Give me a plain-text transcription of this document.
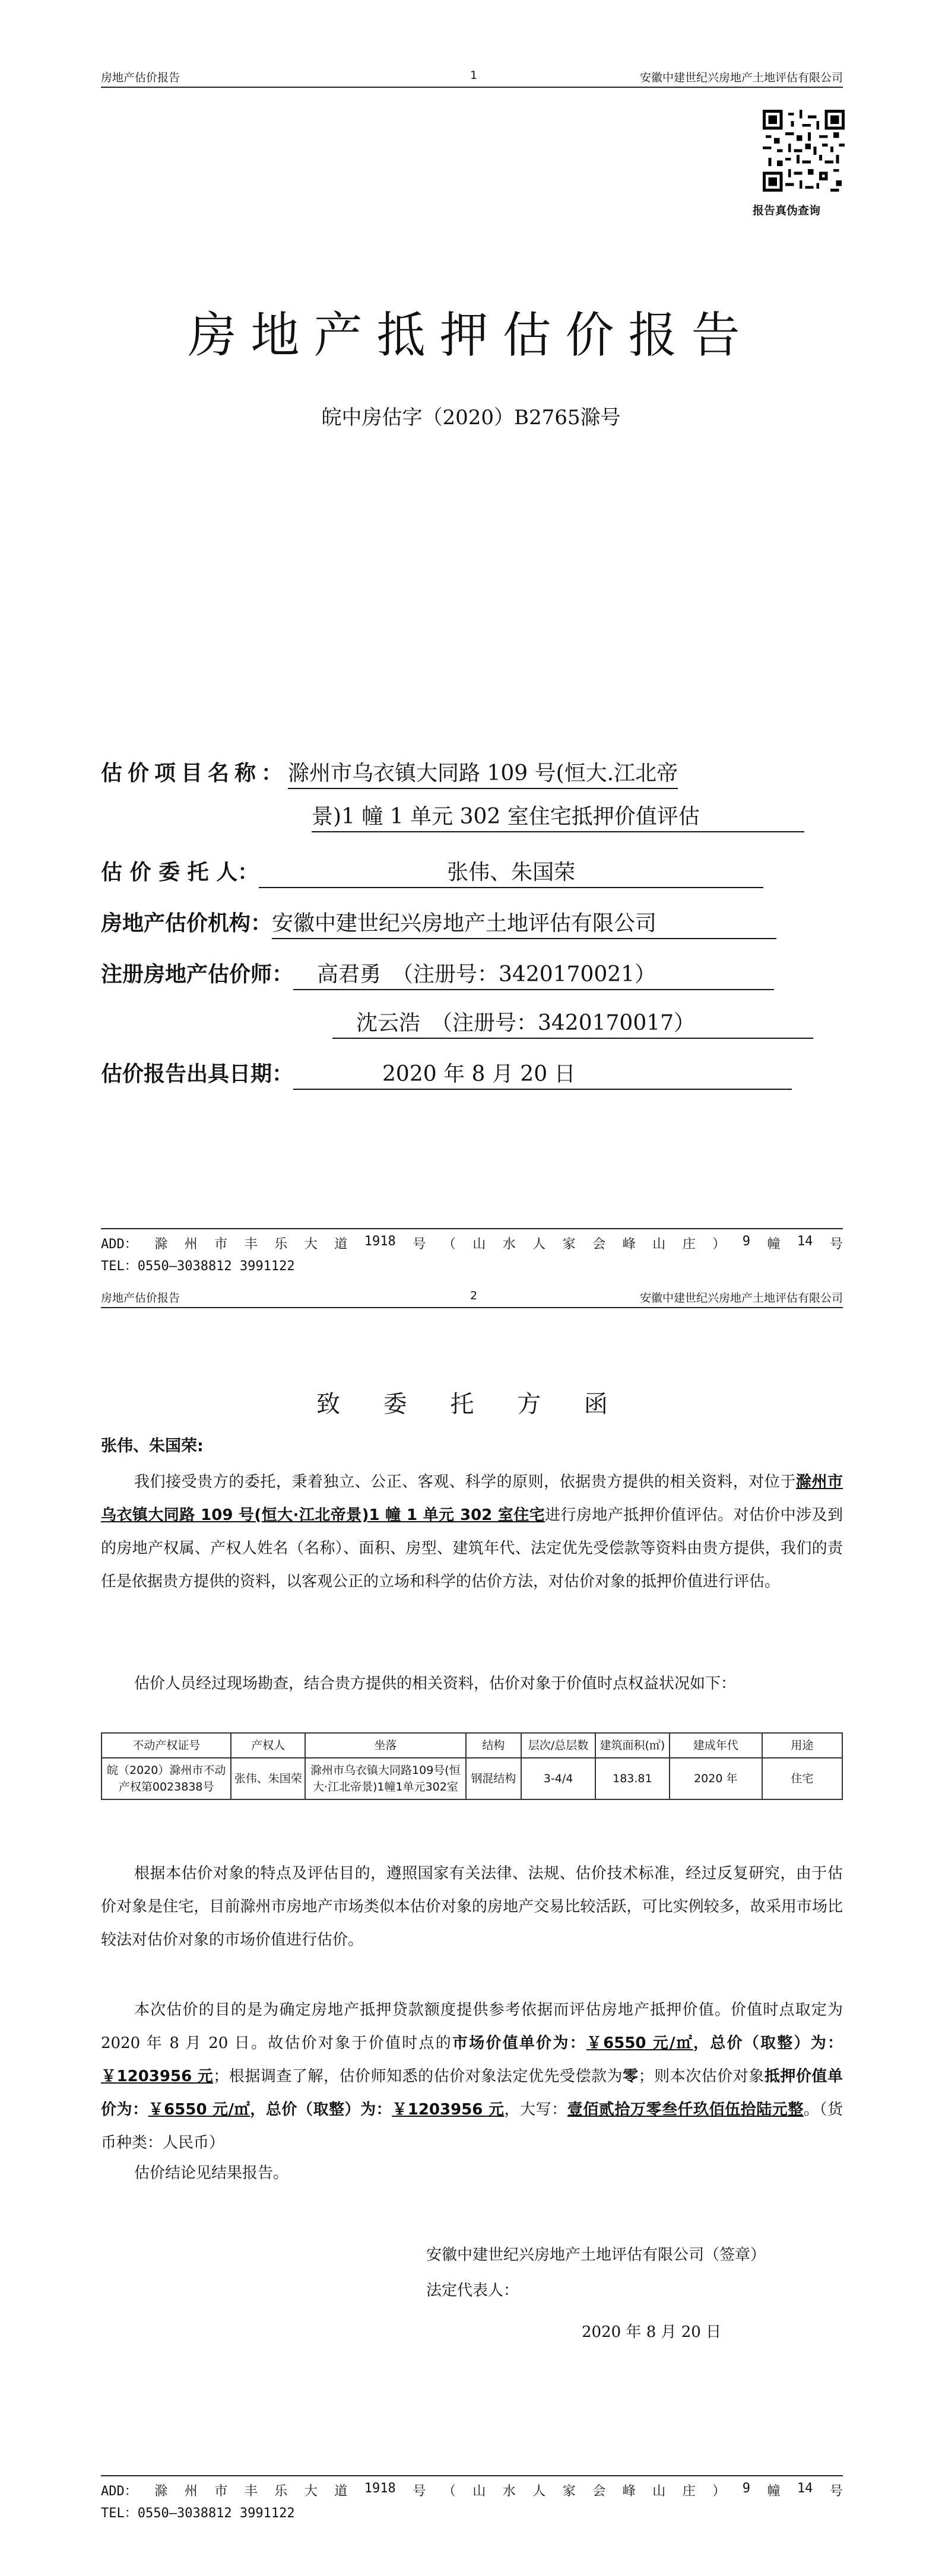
房地产估价报告	1	安徽中建世纪兴房地产土地评估有限公司
报告真伪查询
房地产抵押估价报告
皖中房估字（2020）B2765滁号
估价项目名称：滁州市乌衣镇大同路 109 号(恒大.江北帝
景)1 幢 1 单元 302 室住宅抵押价值评估
估 价 委 托 人：	张伟、朱国荣
房地产估价机构：安徽中建世纪兴房地产土地评估有限公司
注册房地产估价师： 高君勇　（注册号：3420170021）
沈云浩　（注册号：3420170017）
估价报告出具日期：	2020 年 8 月 20 日
ADD： 滁 州 市 丰 乐 大 道 1918 号 （ 山 水 人 家 会 峰 山 庄 ） 9 幢 14 号
TEL：0550—3038812 3991122
房地产估价报告	2	安徽中建世纪兴房地产土地评估有限公司
致 委 托 方 函
张伟、朱国荣:

我们接受贵方的委托，秉着独立、公正、客观、科学的原则，依据贵方提供的相关资料，对位于滁州市乌衣镇大同路 109 号(恒大·江北帝景)1 幢 1 单元 302 室住宅进行房地产抵押价值评估。对估价中涉及到的房地产权属、产权人姓名（名称）、面积、房型、建筑年代、法定优先受偿款等资料由贵方提供，我们的责任是依据贵方提供的资料，以客观公正的立场和科学的估价方法，对估价对象的抵押价值进行评估。

估价人员经过现场勘查，结合贵方提供的相关资料，估价对象于价值时点权益状况如下：

不动产权证号	产权人	坐落	结构	层次/总层数	建筑面积(㎡)	建成年代	用途
皖（2020）滁州市不动产权第0023838号	张伟、朱国荣	滁州市乌衣镇大同路109号(恒大·江北帝景)1幢1单元302室	钢混结构	3-4/4	183.81	2020 年	住宅

根据本估价对象的特点及评估目的，遵照国家有关法律、法规、估价技术标准，经过反复研究，由于估价对象是住宅，目前滁州市房地产市场类似本估价对象的房地产交易比较活跃，可比实例较多，故采用市场比较法对估价对象的市场价值进行估价。

本次估价的目的是为确定房地产抵押贷款额度提供参考依据而评估房地产抵押价值。价值时点取定为 2020 年 8 月 20 日。故估价对象于价值时点的市场价值单价为：￥6550 元/㎡，总价（取整）为：￥1203956 元；根据调查了解，估价师知悉的估价对象法定优先受偿款为零；则本次估价对象抵押价值单价为：￥6550 元/㎡，总价（取整）为：￥1203956 元，大写：壹佰贰拾万零叁仟玖佰伍拾陆元整。（货币种类：人民币）

估价结论见结果报告。

安徽中建世纪兴房地产土地评估有限公司（签章）
法定代表人：
2020 年 8 月 20 日
ADD： 滁 州 市 丰 乐 大 道 1918 号 （ 山 水 人 家 会 峰 山 庄 ） 9 幢 14 号
TEL：0550—3038812 3991122
